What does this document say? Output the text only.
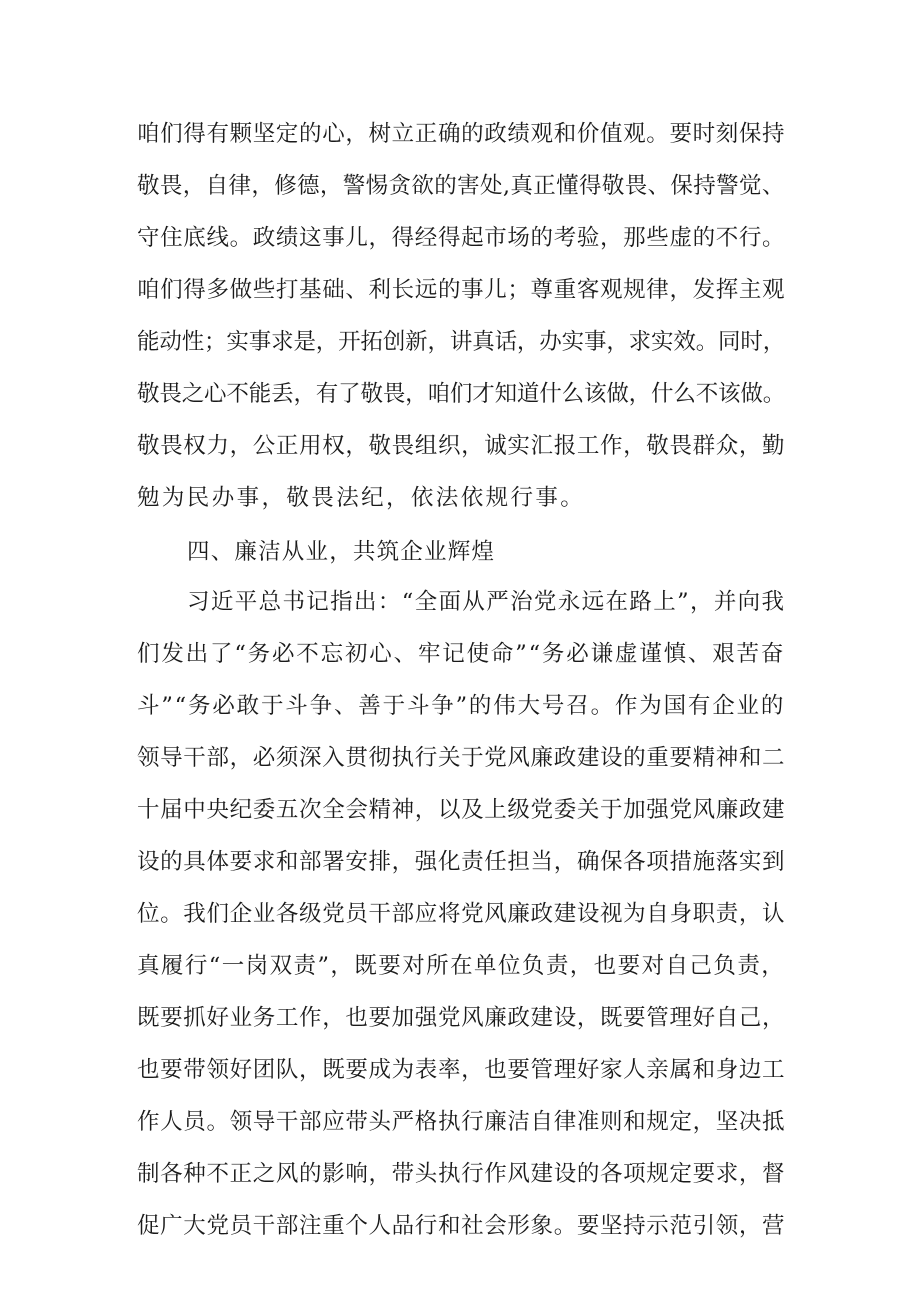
咱们得有颗坚定的心，树立正确的政绩观和价值观。要时刻保持
敬畏，自律，修德，警惕贪欲的害处,真正懂得敬畏、保持警觉、
守住底线。政绩这事儿，得经得起市场的考验，那些虚的不行。
咱们得多做些打基础、利长远的事儿；尊重客观规律，发挥主观
能动性；实事求是，开拓创新，讲真话，办实事，求实效。同时，
敬畏之心不能丢，有了敬畏，咱们才知道什么该做，什么不该做。
敬畏权力，公正用权，敬畏组织，诚实汇报工作，敬畏群众，勤
勉为民办事，敬畏法纪，依法依规行事。
四、廉洁从业，共筑企业辉煌
习近平总书记指出：“全面从严治党永远在路上”，并向我
们发出了“务必不忘初心、牢记使命”“务必谦虚谨慎、艰苦奋
斗”“务必敢于斗争、善于斗争”的伟大号召。作为国有企业的
领导干部，必须深入贯彻执行关于党风廉政建设的重要精神和二
十届中央纪委五次全会精神，以及上级党委关于加强党风廉政建
设的具体要求和部署安排，强化责任担当，确保各项措施落实到
位。我们企业各级党员干部应将党风廉政建设视为自身职责，认
真履行“一岗双责”，既要对所在单位负责，也要对自己负责，
既要抓好业务工作，也要加强党风廉政建设，既要管理好自己，
也要带领好团队，既要成为表率，也要管理好家人亲属和身边工
作人员。领导干部应带头严格执行廉洁自律准则和规定，坚决抵
制各种不正之风的影响，带头执行作风建设的各项规定要求，督
促广大党员干部注重个人品行和社会形象。要坚持示范引领，营
